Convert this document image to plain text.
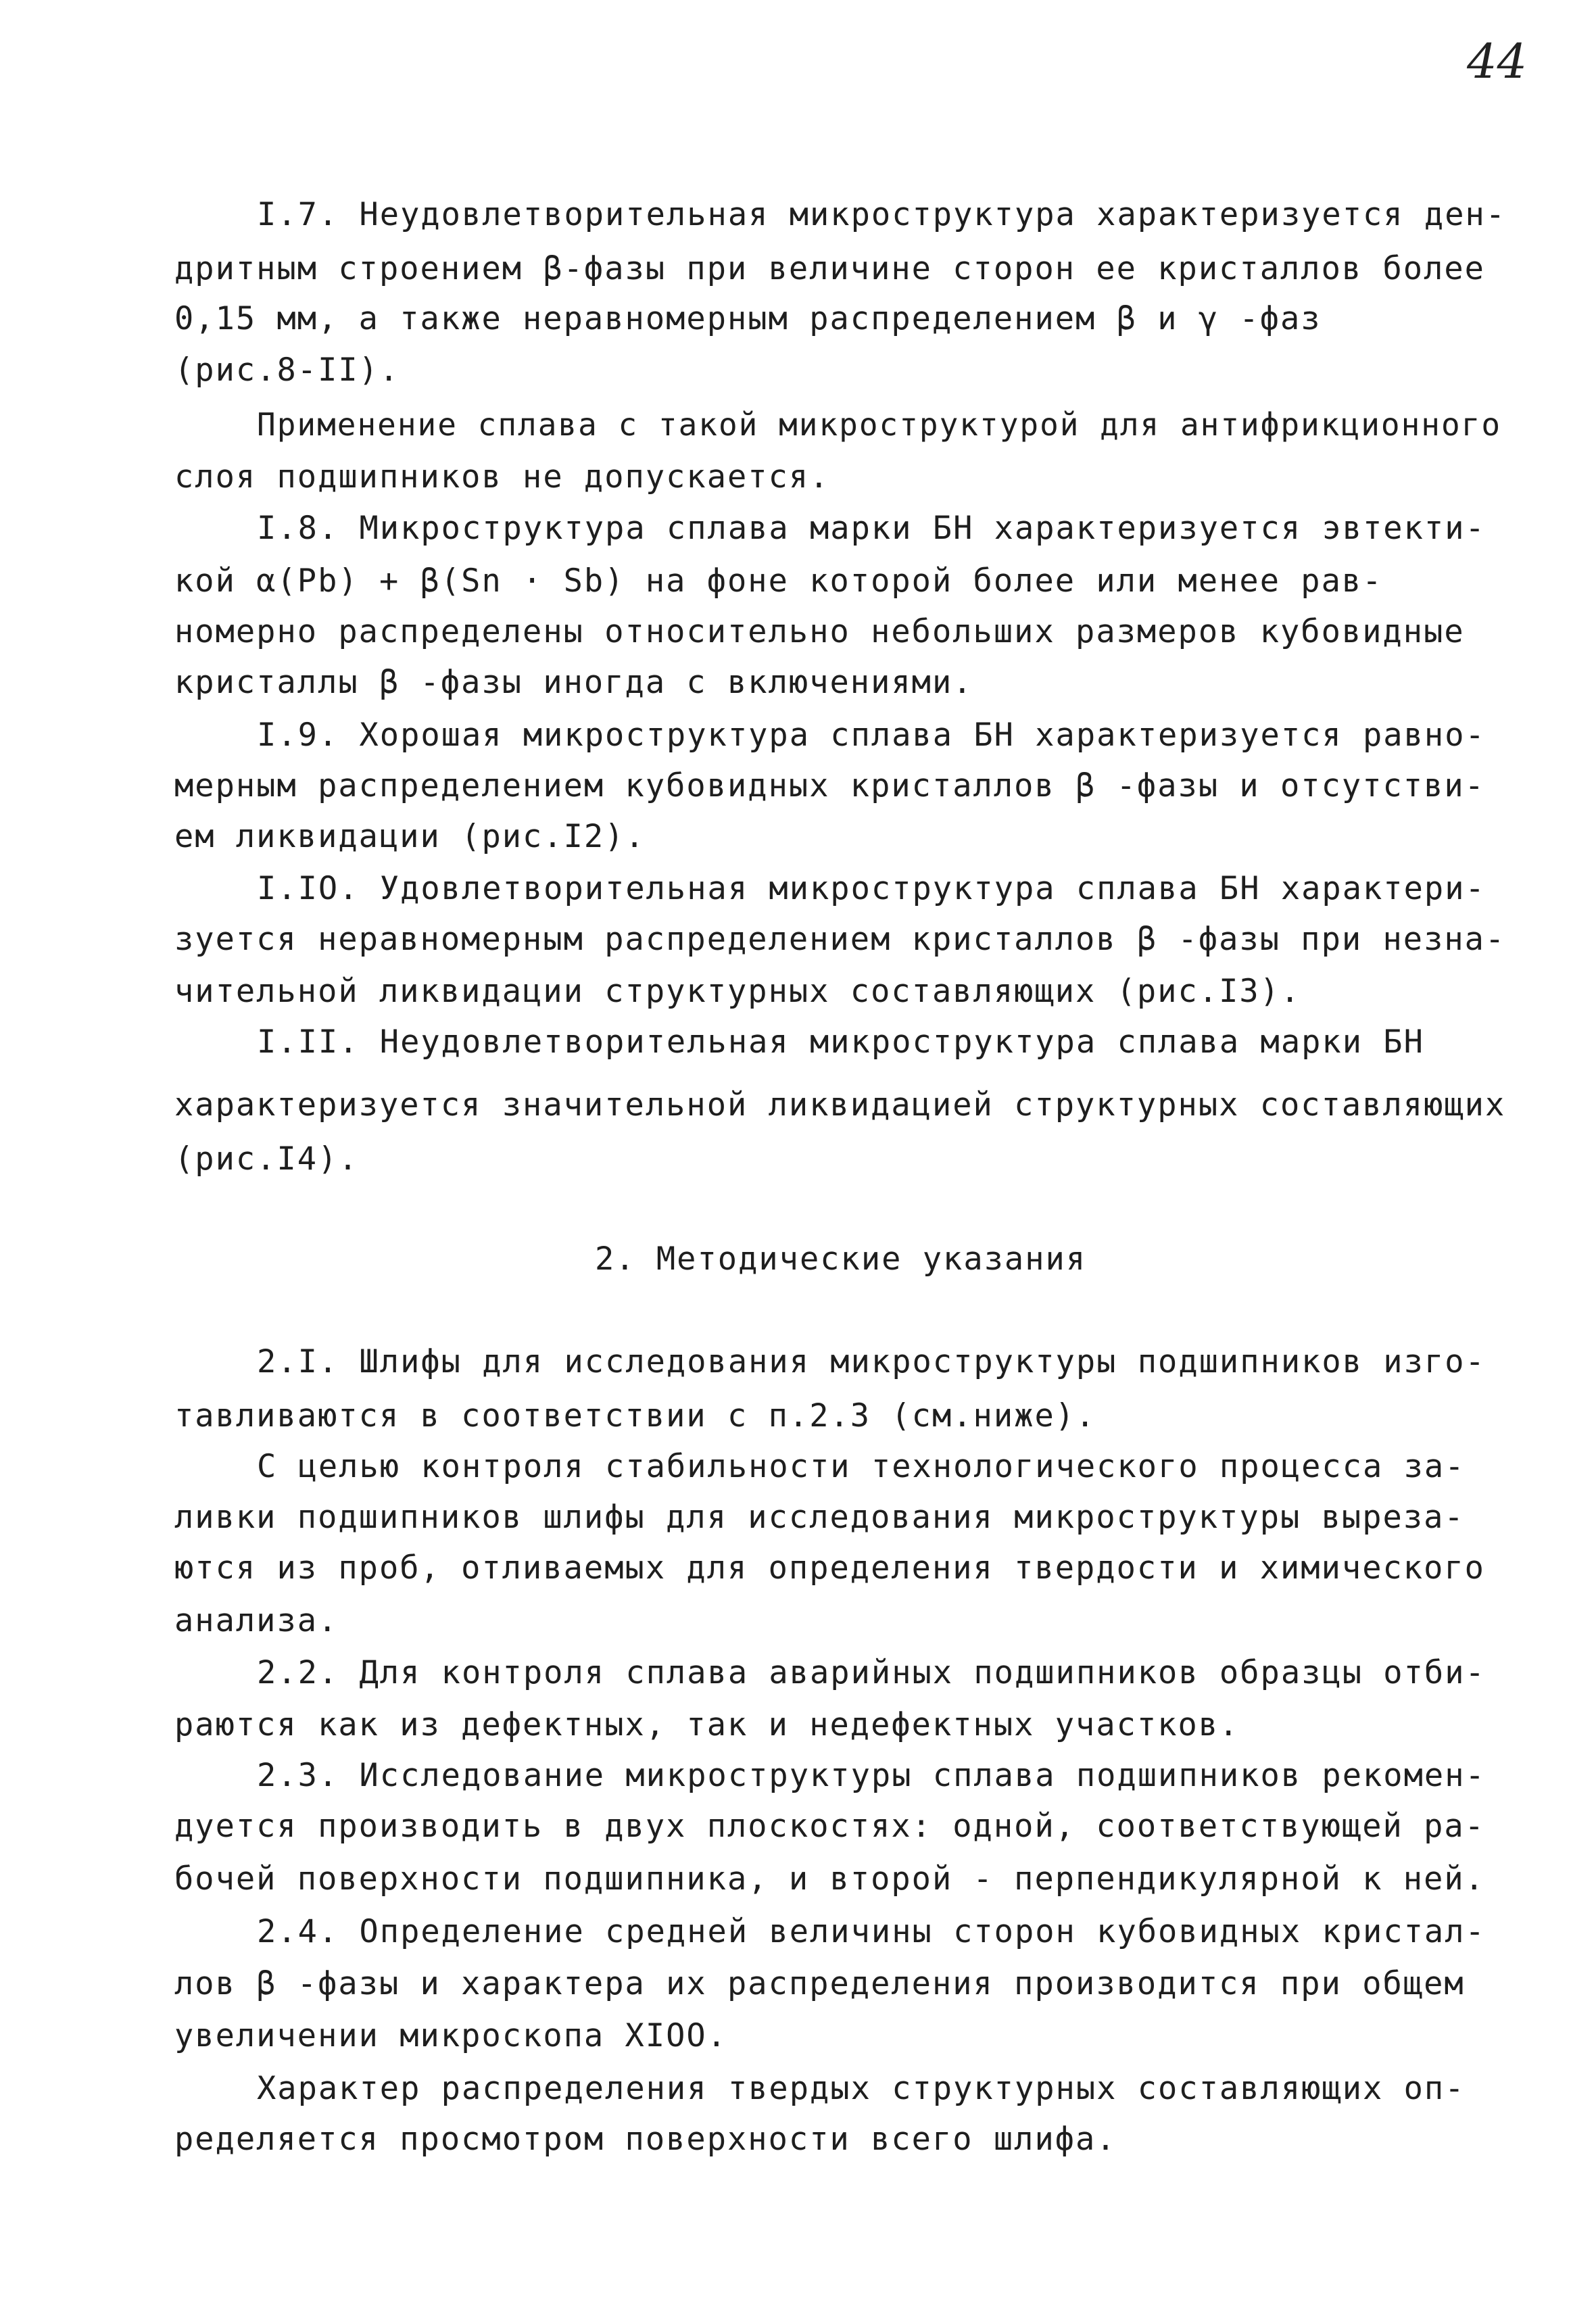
44
I.7. Неудовлетворительная микроструктура характеризуется ден-
дритным строением β-фазы при величине сторон ее кристаллов более
0,15 мм, а также неравномерным распределением β и γ -фаз
(рис.8-II).
Применение сплава с такой микроструктурой для антифрикционного
слоя подшипников не допускается.
I.8. Микроструктура сплава марки БН характеризуется эвтекти-
кой α(Pb) + β(Sn · Sb) на фоне которой более или менее рав-
номерно распределены относительно небольших размеров кубовидные
кристаллы β -фазы иногда с включениями.
I.9. Хорошая микроструктура сплава БН характеризуется равно-
мерным распределением кубовидных кристаллов β -фазы и отсутстви-
ем ликвидации (рис.I2).
I.IO. Удовлетворительная микроструктура сплава БН характери-
зуется неравномерным распределением кристаллов β -фазы при незна-
чительной ликвидации структурных составляющих (рис.I3).
I.II. Неудовлетворительная микроструктура сплава марки БН
характеризуется значительной ликвидацией структурных составляющих
(рис.I4).
2. Методические указания
2.I. Шлифы для исследования микроструктуры подшипников изго-
тавливаются в соответствии с п.2.3 (см.ниже).
С целью контроля стабильности технологического процесса за-
ливки подшипников шлифы для исследования микроструктуры выреза-
ются из проб, отливаемых для определения твердости и химического
анализа.
2.2. Для контроля сплава аварийных подшипников образцы отби-
раются как из дефектных, так и недефектных участков.
2.3. Исследование микроструктуры сплава подшипников рекомен-
дуется производить в двух плоскостях: одной, соответствующей ра-
бочей поверхности подшипника, и второй - перпендикулярной к ней.
2.4. Определение средней величины сторон кубовидных кристал-
лов β -фазы и характера их распределения производится при общем
увеличении микроскопа XIOO.
Характер распределения твердых структурных составляющих оп-
ределяется просмотром поверхности всего шлифа.
